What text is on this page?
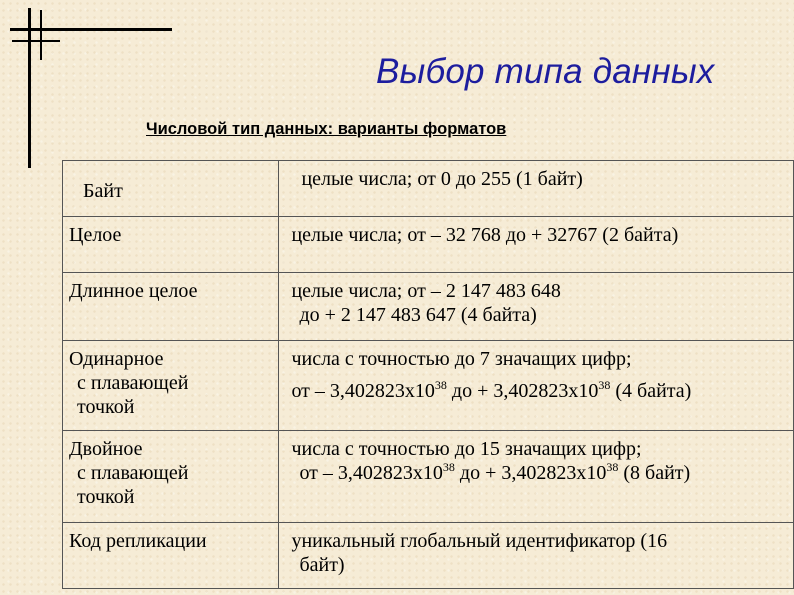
Выбор типа данных
Числовой тип данных: варианты форматов
Байт	целые числа; от 0 до 255 (1 байт)

Целое	целые числа; от – 32 768 до + 32767 (2 байта)

Длинное целое	целые числа; от – 2 147 483 648
до + 2 147 483 647 (4 байта)

Одинарное
с плавающей
точкой	числа с точностью до 7 значащих цифр;
от – $3,402823x10^{38}$ до + $3,402823x10^{38}$ (4 байта)

Двойное
с плавающей
точкой	числа с точностью до 15 значащих цифр;
от – $3,402823x10^{38}$ до + $3,402823x10^{38}$ (8 байт)

Код репликации	уникальный глобальный идентификатор (16
байт)
